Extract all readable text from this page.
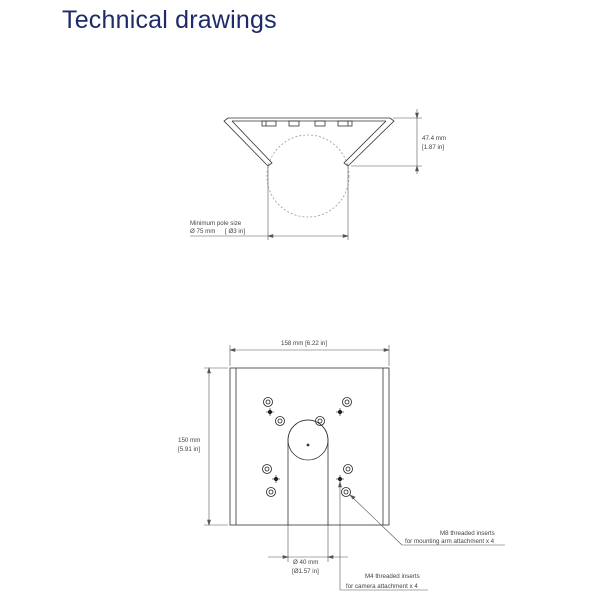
Technical drawings
47.4 mm
[1.87 in]
Minimum pole size
Ø 75 mm [ Ø3 in]
158 mm [6.22 in]
150 mm
[5.91 in]
Ø 40 mm
[Ø1.57 in]
M8 threaded inserts
for mounting arm attachment x 4
M4 threaded inserts
for camera attachment x 4
